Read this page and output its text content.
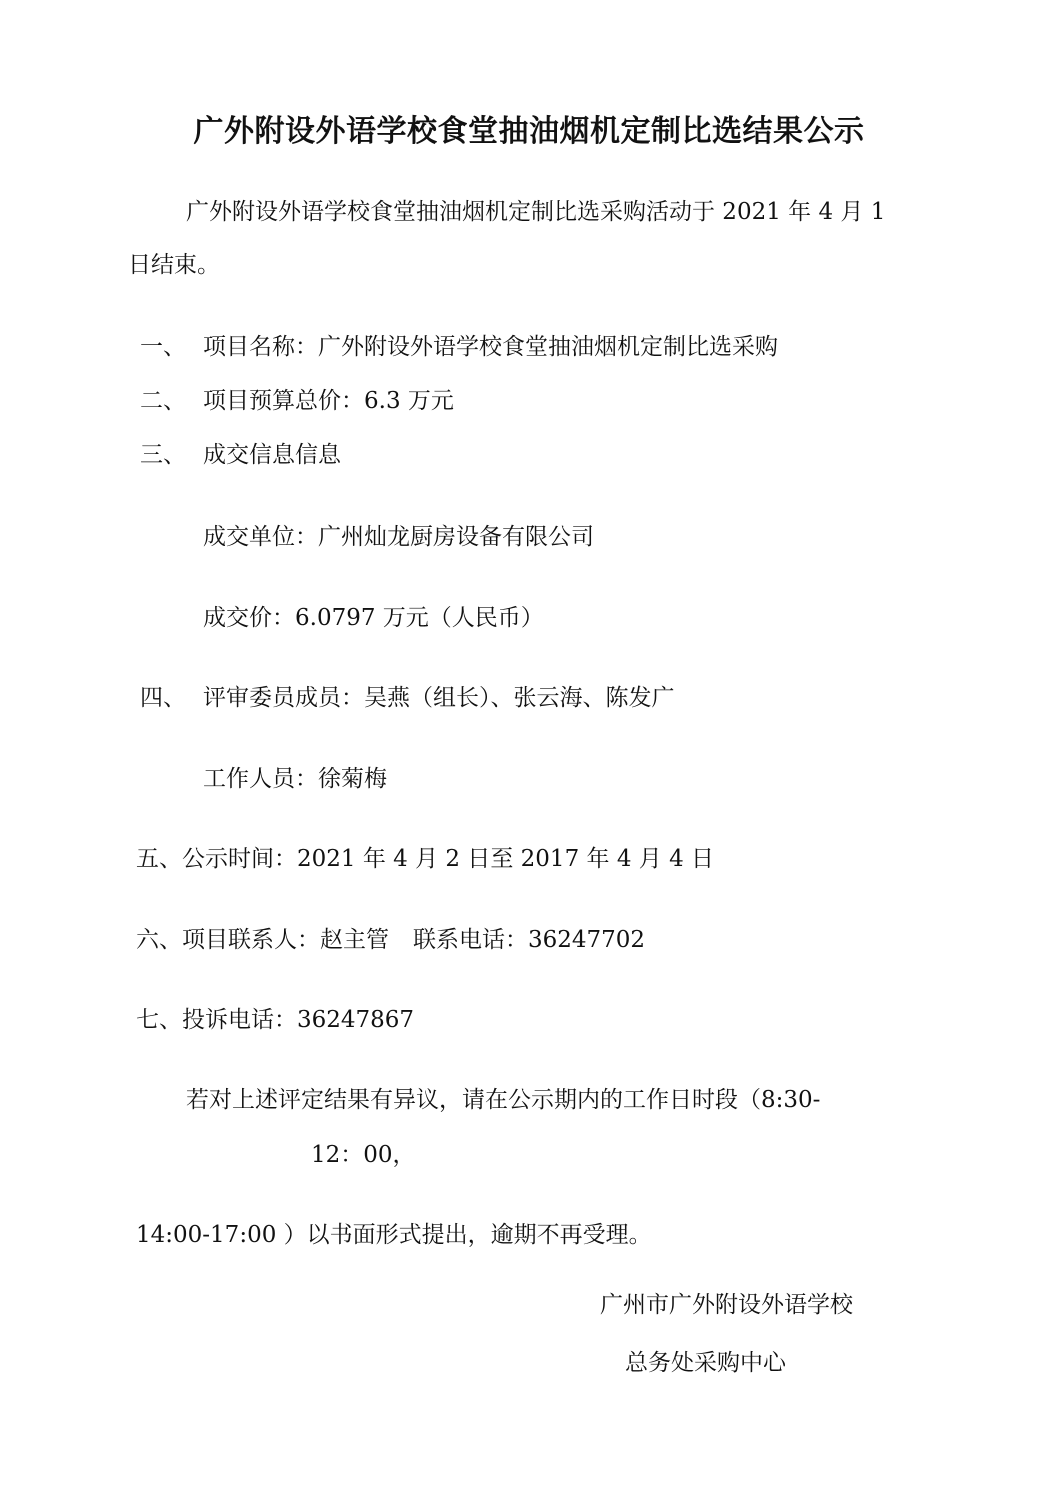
广外附设外语学校食堂抽油烟机定制比选结果公示
广外附设外语学校食堂抽油烟机定制比选采购活动于 2021 年 4 月 1
日结束。
一、 项目名称：广外附设外语学校食堂抽油烟机定制比选采购
二、 项目预算总价：6.3 万元
三、 成交信息信息
成交单位：广州灿龙厨房设备有限公司
成交价：6.0797 万元（人民币）
四、 评审委员成员：吴燕（组长）、张云海、陈发广
工作人员：徐菊梅
五、公示时间：2021 年 4 月 2 日至 2017 年 4 月 4 日
六、项目联系人：赵主管 联系电话：36247702
七、投诉电话：36247867
若对上述评定结果有异议，请在公示期内的工作日时段（8:30-
12：00，
14:00-17:00 ）以书面形式提出，逾期不再受理。
广州市广外附设外语学校
总务处采购中心
